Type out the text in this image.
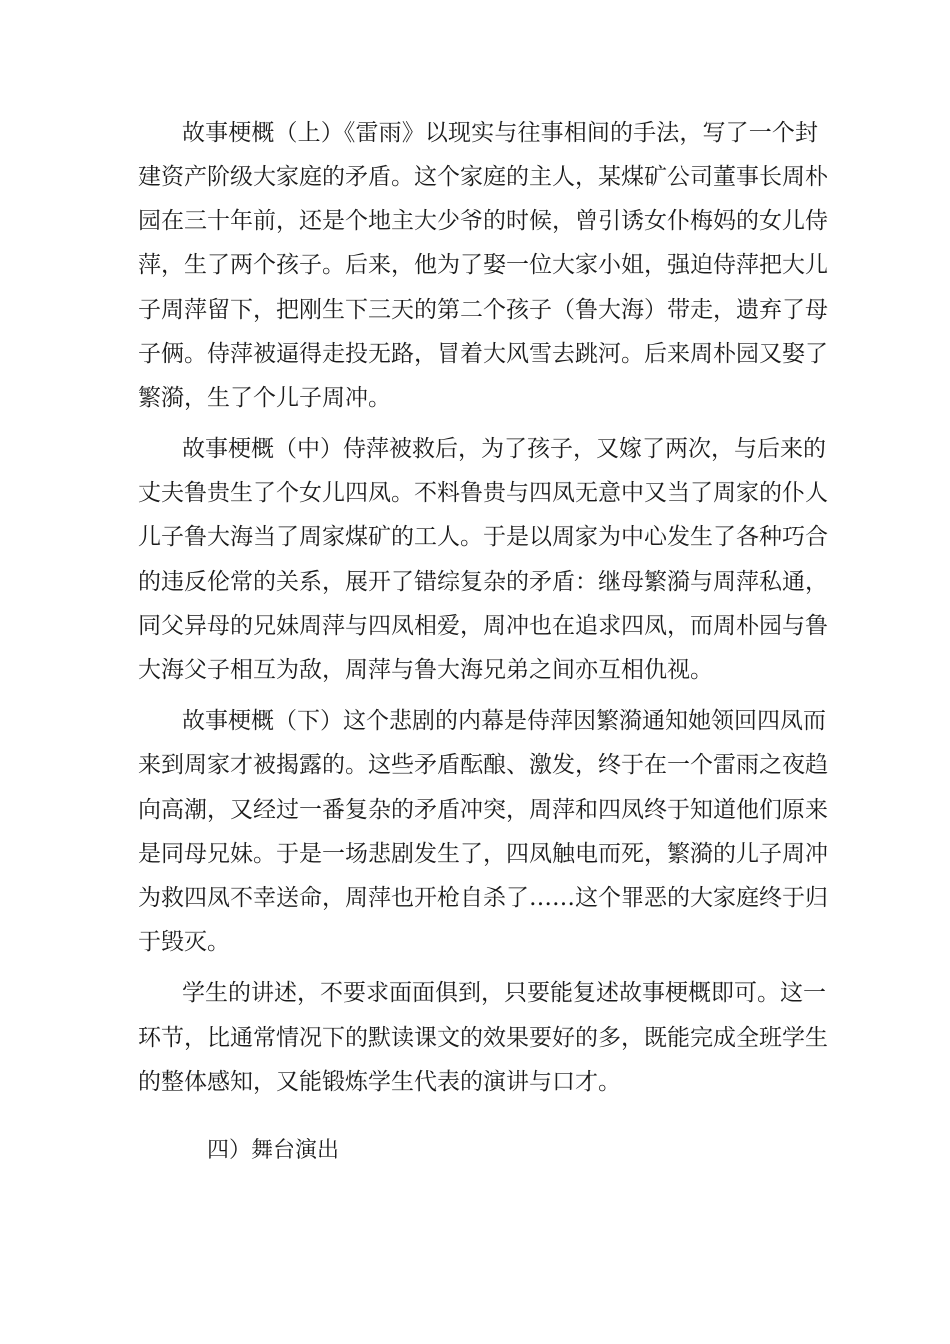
故事梗概（上）《雷雨》以现实与往事相间的手法，写了一个封
建资产阶级大家庭的矛盾。这个家庭的主人，某煤矿公司董事长周朴
园在三十年前，还是个地主大少爷的时候，曾引诱女仆梅妈的女儿侍
萍，生了两个孩子。后来，他为了娶一位大家小姐，强迫侍萍把大儿
子周萍留下，把刚生下三天的第二个孩子（鲁大海）带走，遗弃了母
子俩。侍萍被逼得走投无路，冒着大风雪去跳河。后来周朴园又娶了
繁漪，生了个儿子周冲。
故事梗概（中）侍萍被救后，为了孩子，又嫁了两次，与后来的
丈夫鲁贵生了个女儿四凤。不料鲁贵与四凤无意中又当了周家的仆人
儿子鲁大海当了周家煤矿的工人。于是以周家为中心发生了各种巧合
的违反伦常的关系，展开了错综复杂的矛盾：继母繁漪与周萍私通，
同父异母的兄妹周萍与四凤相爱，周冲也在追求四凤，而周朴园与鲁
大海父子相互为敌，周萍与鲁大海兄弟之间亦互相仇视。
故事梗概（下）这个悲剧的内幕是侍萍因繁漪通知她领回四凤而
来到周家才被揭露的。这些矛盾酝酿、激发，终于在一个雷雨之夜趋
向高潮，又经过一番复杂的矛盾冲突，周萍和四凤终于知道他们原来
是同母兄妹。于是一场悲剧发生了，四凤触电而死，繁漪的儿子周冲
为救四凤不幸送命，周萍也开枪自杀了……这个罪恶的大家庭终于归
于毁灭。
学生的讲述，不要求面面俱到，只要能复述故事梗概即可。这一
环节，比通常情况下的默读课文的效果要好的多，既能完成全班学生
的整体感知，又能锻炼学生代表的演讲与口才。
四）舞台演出
